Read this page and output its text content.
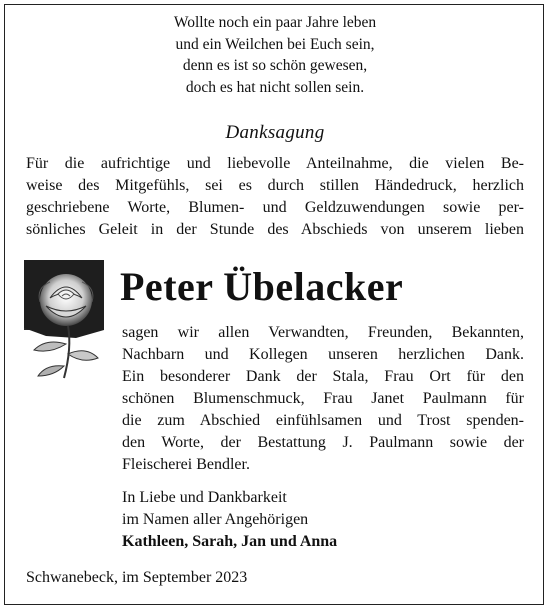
Wollte noch ein paar Jahre leben
und ein Weilchen bei Euch sein,
denn es ist so schön gewesen,
doch es hat nicht sollen sein.
Danksagung
Für die aufrichtige und liebevolle Anteilnahme, die vielen Be-
weise des Mitgefühls, sei es durch stillen Händedruck, herzlich
geschriebene Worte, Blumen- und Geldzuwendungen sowie per-
sönliches Geleit in der Stunde des Abschieds von unserem lieben
Peter Übelacker
sagen wir allen Verwandten, Freunden, Bekannten,
Nachbarn und Kollegen unseren herzlichen Dank.
Ein besonderer Dank der Stala, Frau Ort für den
schönen Blumenschmuck, Frau Janet Paulmann für
die zum Abschied einfühlsamen und Trost spenden-
den Worte, der Bestattung J. Paulmann sowie der
Fleischerei Bendler.
In Liebe und Dankbarkeit
im Namen aller Angehörigen
Kathleen, Sarah, Jan und Anna
Schwanebeck, im September 2023
